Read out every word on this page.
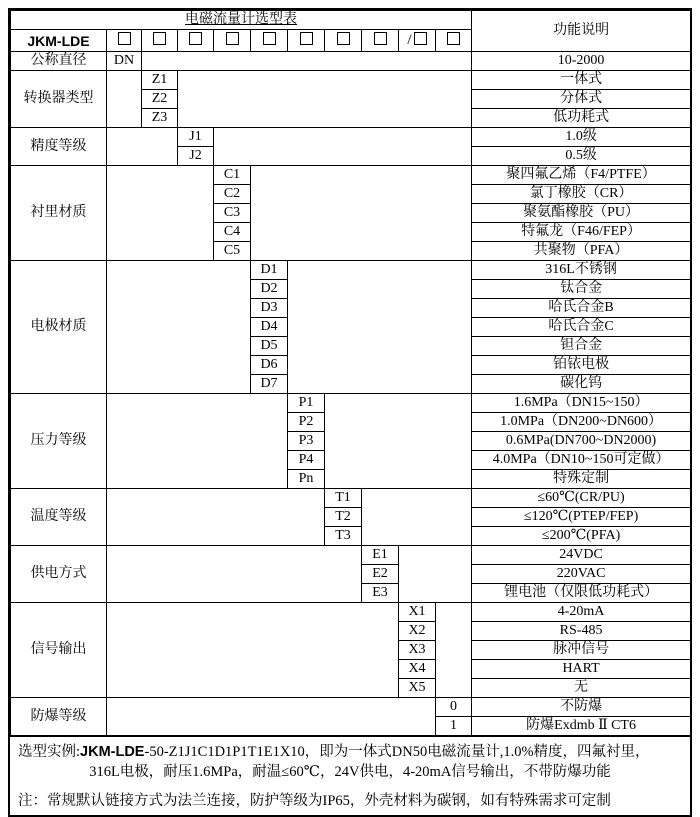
电磁流量计选型表											功能说明
JKM-LDE									/		
公称直径	DN										10-2000
转换器类型		Z1									一体式
		Z2									分体式
		Z3									低功耗式
精度等级			J1								1.0级
			J2								0.5级
衬里材质				C1							聚四氟乙烯（F4/PTFE）
				C2							氯丁橡胶（CR）
				C3							聚氨酯橡胶（PU）
				C4							特氟龙（F46/FEP）
				C5							共聚物（PFA）
电极材质					D1						316L不锈钢
					D2						钛合金
					D3						哈氏合金B
					D4						哈氏合金C
					D5						钽合金
					D6						铂铱电极
					D7						碳化钨
压力等级						P1					1.6MPa（DN15~150）
						P2					1.0MPa（DN200~DN600）
						P3					0.6MPa(DN700~DN2000)
						P4					4.0MPa（DN10~150可定做）
						Pn					特殊定制
温度等级							T1				≤60℃(CR/PU)
							T2				≤120℃(PTEP/FEP)
							T3				≤200℃(PFA)
供电方式								E1			24VDC
								E2			220VAC
								E3			锂电池（仅限低功耗式）
信号输出									X1		4-20mA
									X2		RS-485
									X3		脉冲信号
									X4		HART
									X5		无
防爆等级										0	不防爆
										1	防爆Exdmb Ⅱ CT6
选型实例:JKM-LDE-50-Z1J1C1D1P1T1E1X10，即为一体式DN50电磁流量计,1.0%精度，四氟衬里，
316L电极，耐压1.6MPa，耐温≤60℃，24V供电，4-20mA信号输出，不带防爆功能
注：常规默认链接方式为法兰连接，防护等级为IP65，外壳材料为碳钢，如有特殊需求可定制
